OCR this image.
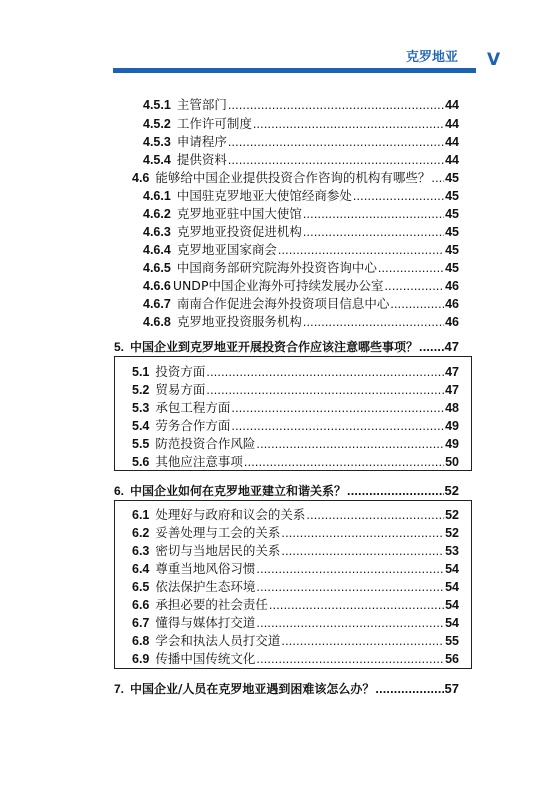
克罗地亚 V
4.5.1 主管部门 .....	44
4.5.2 工作许可制度 .....	44
4.5.3 申请程序 .....	44
4.5.4 提供资料 .....	44
4.6 能够给中国企业提供投资合作咨询的机构有哪些？ ..... 45
4.6.1 中国驻克罗地亚大使馆经商参处 .....	45
4.6.2 克罗地亚驻中国大使馆 .....	45
4.6.3 克罗地亚投资促进机构 .....	45
4.6.4 克罗地亚国家商会 .....	45
4.6.5 中国商务部研究院海外投资咨询中心 .....	45
4.6.6 UNDP中国企业海外可持续发展办公室 .....	46
4.6.7 南南合作促进会海外投资项目信息中心 .....	46
4.6.8 克罗地亚投资服务机构 .....	46
5. 中国企业到克罗地亚开展投资合作应该注意哪些事项？ ..... 47
5.1 投资方面 .....	47
5.2 贸易方面 .....	47
5.3 承包工程方面 .....	48
5.4 劳务合作方面 .....	49
5.5 防范投资合作风险 .....	49
5.6 其他应注意事项 .....	50
6. 中国企业如何在克罗地亚建立和谐关系？ .....	52
6.1 处理好与政府和议会的关系 .....	52
6.2 妥善处理与工会的关系 .....	52
6.3 密切与当地居民的关系 .....	53
6.4 尊重当地风俗习惯 .....	54
6.5 依法保护生态环境 .....	54
6.6 承担必要的社会责任 .....	54
6.7 懂得与媒体打交道 .....	54
6.8 学会和执法人员打交道 .....	55
6.9 传播中国传统文化 .....	56
7. 中国企业/人员在克罗地亚遇到困难该怎么办？ .....	57
